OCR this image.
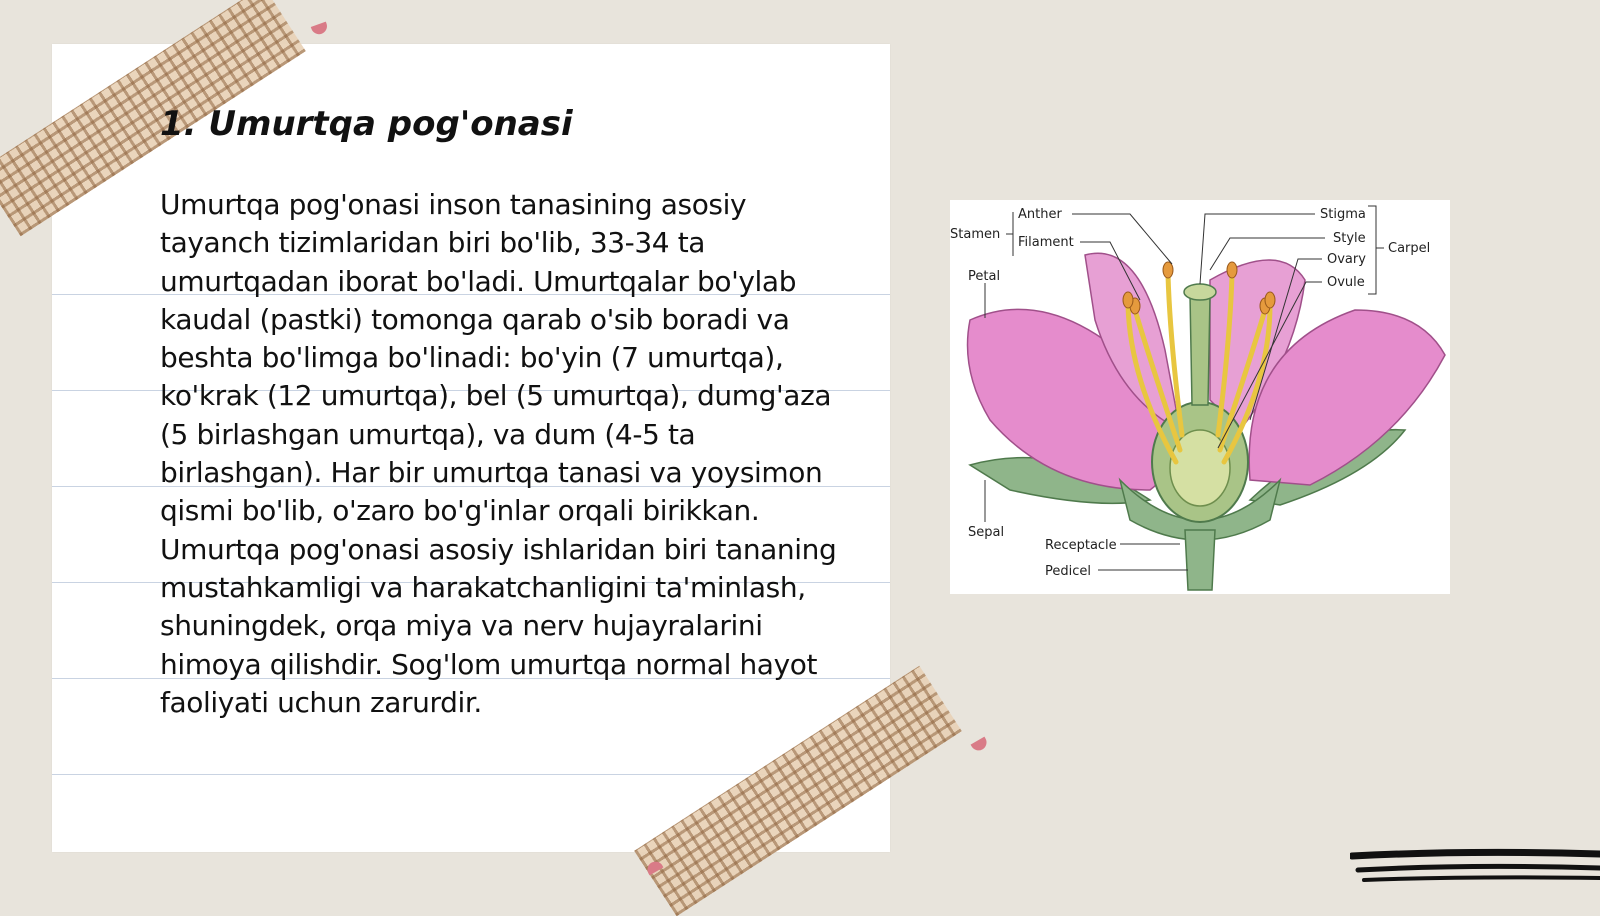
1. Umurtqa pog'onasi

Umurtqa pog'onasi inson tanasining asosiy tayanch tizimlaridan biri bo'lib, 33-34 ta umurtqadan iborat bo'ladi. Umurtqalar bo'ylab kaudal (pastki) tomonga qarab o'sib boradi va beshta bo'limga bo'linadi: bo'yin (7 umurtqa), ko'krak (12 umurtqa), bel (5 umurtqa), dumg'aza (5 birlashgan umurtqa), va dum (4-5 ta birlashgan). Har bir umurtqa tanasi va yoysimon qismi bo'lib, o'zaro bo'g'inlar orqali birikkan. Umurtqa pog'onasi asosiy ishlaridan biri tananing mustahkamligi va harakatchanligini ta'minlash, shuningdek, orqa miya va nerv hujayralarini himoya qilishdir. Sog'lom umurtqa normal hayot faoliyati uchun zarurdir.

Stamen
Anther
Filament
Petal
Sepal
Receptacle
Pedicel
Stigma
Style
Ovary
Ovule
Carpel
